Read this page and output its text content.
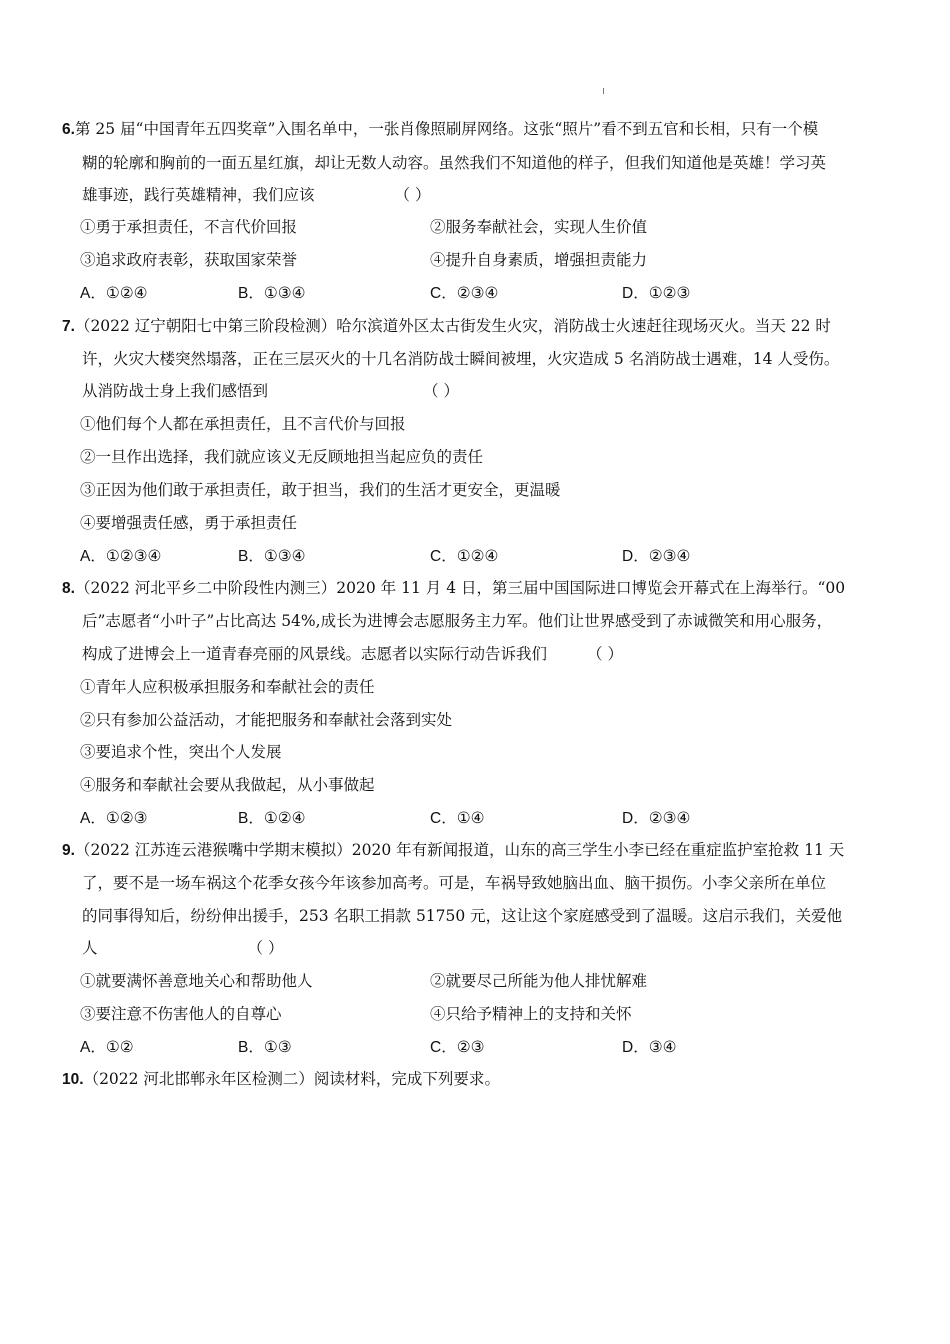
6.第 25 届“中国青年五四奖章”入围名单中，一张肖像照刷屏网络。这张“照片”看不到五官和长相，只有一个模
糊的轮廓和胸前的一面五星红旗，却让无数人动容。虽然我们不知道他的样子，但我们知道他是英雄！学习英
雄事迹，践行英雄精神，我们应该	（ ）
①勇于承担责任，不言代价回报	②服务奉献社会，实现人生价值
③追求政府表彰，获取国家荣誉	④提升自身素质，增强担责能力
A．①②④	B．①③④	C．②③④	D．①②③
7.（2022 辽宁朝阳七中第三阶段检测）哈尔滨道外区太古街发生火灾，消防战士火速赶往现场灭火。当天 22 时
许，火灾大楼突然塌落，正在三层灭火的十几名消防战士瞬间被埋，火灾造成 5 名消防战士遇难，14 人受伤。
从消防战士身上我们感悟到	（ ）
①他们每个人都在承担责任，且不言代价与回报
②一旦作出选择，我们就应该义无反顾地担当起应负的责任
③正因为他们敢于承担责任，敢于担当，我们的生活才更安全，更温暖
④要增强责任感，勇于承担责任
A．①②③④	B．①③④	C．①②④	D．②③④
8.（2022 河北平乡二中阶段性内测三）2020 年 11 月 4 日，第三届中国国际进口博览会开幕式在上海举行。“00
后”志愿者“小叶子”占比高达 54%,成长为进博会志愿服务主力军。他们让世界感受到了赤诚微笑和用心服务，
构成了进博会上一道青春亮丽的风景线。志愿者以实际行动告诉我们	（ ）
①青年人应积极承担服务和奉献社会的责任
②只有参加公益活动，才能把服务和奉献社会落到实处
③要追求个性，突出个人发展
④服务和奉献社会要从我做起，从小事做起
A．①②③	B．①②④	C．①④	D．②③④
9.（2022 江苏连云港猴嘴中学期末模拟）2020 年有新闻报道，山东的高三学生小李已经在重症监护室抢救 11 天
了，要不是一场车祸这个花季女孩今年该参加高考。可是，车祸导致她脑出血、脑干损伤。小李父亲所在单位
的同事得知后，纷纷伸出援手，253 名职工捐款 51750 元，这让这个家庭感受到了温暖。这启示我们，关爱他
人	（ ）
①就要满怀善意地关心和帮助他人	②就要尽己所能为他人排忧解难
③要注意不伤害他人的自尊心	④只给予精神上的支持和关怀
A．①②	B．①③	C．②③	D．③④
10.（2022 河北邯郸永年区检测二）阅读材料，完成下列要求。
